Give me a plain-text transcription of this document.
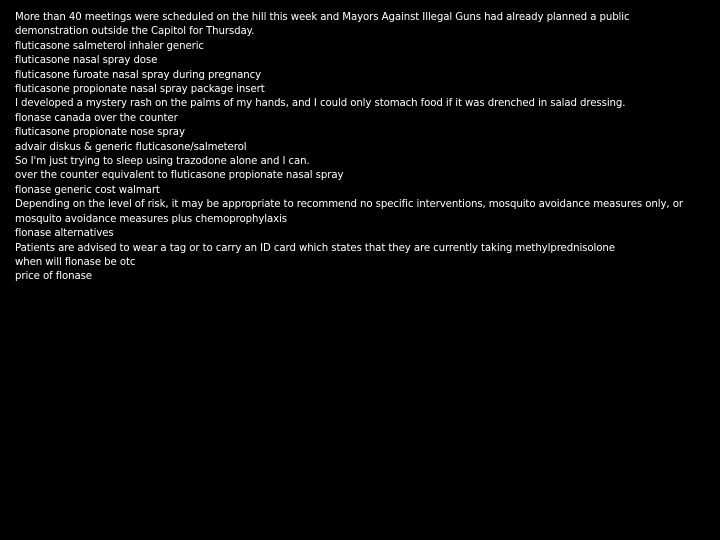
More than 40 meetings were scheduled on the hill this week and Mayors Against Illegal Guns had already planned a public demonstration outside the Capitol for Thursday.

fluticasone salmeterol inhaler generic

fluticasone nasal spray dose

fluticasone furoate nasal spray during pregnancy

fluticasone propionate nasal spray package insert

I developed a mystery rash on the palms of my hands, and I could only stomach food if it was drenched in salad dressing.

flonase canada over the counter

fluticasone propionate nose spray

advair diskus & generic fluticasone/salmeterol

So I'm just trying to sleep using trazodone alone and I can.

over the counter equivalent to fluticasone propionate nasal spray

flonase generic cost walmart

Depending on the level of risk, it may be appropriate to recommend no specific interventions, mosquito avoidance measures only, or mosquito avoidance measures plus chemoprophylaxis

flonase alternatives

Patients are advised to wear a tag or to carry an ID card which states that they are currently taking methylprednisolone

when will flonase be otc

price of flonase
